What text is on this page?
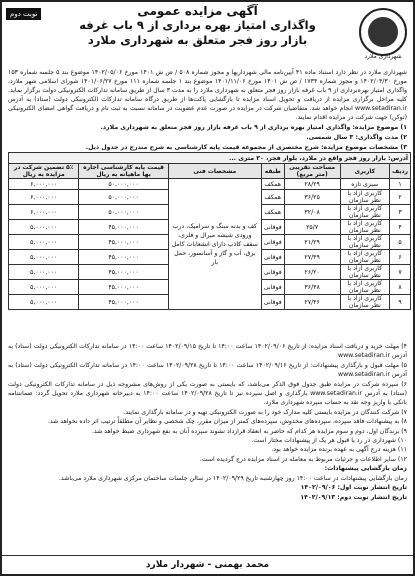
نوبت دوم	آگهی مزایده عمومی
واگذاری امتیاز بهره برداری از ۹ باب غرفه
بازار روز فجر متعلق به شهرداری ملارد
شهرداری ملارد

شهرداری ملارد در نظر دارد استناد ماده ۴۱ آیین‌نامه مالی شهرداریها و مجوز شماره ۵۰۸ / ص ش ۱۴۰۱ مورخ ۱۴۰۲/۰۵/۰۶ موضوع بند ۵ جلسه شماره ۱۵۳ مورخ ۱۴۰۲/۰۴/۳۰ و مجوز شماره ۱۷۳۴ / ص ش ۱۴۰۱ مورخ ۱۴۰۱/۱۱/۰۶ موضوع بند ۱ جلسه شماره ۱۱۱ مورخ ۱۴۰۱/۰۶/۲۷ شورای اسلامی شهر ملارد، واگذاری امتیاز بهره‌برداری از ۹ باب غرفه بازار روز فجر متعلق به شهرداری ملارد را به مدت ۳ سال از طریق سامانه تدارکات الکترونیکی دولت برگزار نماید. کلیه مراحل برگزاری مزایده از دریافت و تحویل اسناد مزایده تا بازگشایی پاکت‌ها از طریق درگاه سامانه تدارکات الکترونیکی دولت (ستاد) به آدرس www.setadiran.ir انجام خواهد شد. متقاضیان شرکت در مزایده در صورت عدم عضویت در سامانه نسبت به ثبت نام و دریافت گواهی امضای الکترونیکی (توکن) جهت شرکت در مزایده اقدام نمایند.

۱) موضوع مزایده: واگذاری امتیاز بهره برداری از ۹ باب غرفه بازار روز فجر متعلق به شهرداری ملارد.

۲) مدت واگذاری: ۳ سال شمسی.

۳) مشخصات موضوع مزایده: شرح مختصری از مجموعه قیمت پایه کارشناسی به شرح مندرج در جدول ذیل.

آدرس: بازار روز فجر واقع در ملارد، بلوار فجر، ۲۰ متری ...						
ردیف	کاربری	مساحت تقریبی (متر مربع)	طبقه	مشخصات فنی	قیمت پایه کارشناسی اجاره بها ماهیانه به ریال	۵٪ تضمین شرکت در مزایده به ریال
۱	سبزی تازه	۲۸/۲۹	همکف	کف و بدنه سنگ و سرامیک، درب ورودی شیشه میرال و فلزی، سقف کاذب دارای انشعابات کامل برق، آب و گاز و آسانسور، حمل بار	۵۰,۰۰۰,۰۰۰	۶,۰۰۰,۰۰۰
۲	کاربری آزاد با نظر سازمان	۳۶/۲۵	همکف		۵۰,۰۰۰,۰۰۰	۶,۰۰۰,۰۰۰
۳	کاربری آزاد با نظر سازمان	۳۲/۰۸	همکف		۵۰,۰۰۰,۰۰۰	۶,۰۰۰,۰۰۰
۴	کاربری آزاد با نظر سازمان	۲۵/۷	فوقانی		۴۵,۰۰۰,۰۰۰	۵,۰۰۰,۰۰۰
۵	کاربری آزاد با نظر سازمان	۲۱/۲۹	فوقانی		۴۵,۰۰۰,۰۰۰	۵,۰۰۰,۰۰۰
۶	کاربری آزاد با نظر سازمان	۲۷/۴۹	فوقانی		۴۵,۰۰۰,۰۰۰	۵,۰۰۰,۰۰۰
۷	کاربری آزاد با نظر سازمان	۲۶/۲۰	فوقانی		۴۵,۰۰۰,۰۰۰	۵,۰۰۰,۰۰۰
۸	کاربری آزاد با نظر سازمان	۳۶/۴۸	فوقانی		۴۵,۰۰۰,۰۰۰	۵,۰۰۰,۰۰۰
۹	کاربری آزاد با نظر سازمان	۲۷/۴۶	فوقانی		۴۵,۰۰۰,۰۰۰	۵,۰۰۰,۰۰۰

۴) مهلت خرید و دریافت اسناد مزایده: از تاریخ ۱۴۰۲/۰۹/۰۶ ساعت ۱۴:۰۰ تا تاریخ ۱۴۰۲/۰۹/۱۵ ساعت ۱۴:۰۰ در سامانه تدارکات الکترونیکی دولت (ستاد) به آدرس www.setadiran.ir

۵) مهلت قبول و بارگذاری پیشنهادات: از تاریخ ۱۴۰۲/۰۹/۱۶ ساعت ۱۴:۰۰ تا تاریخ ۱۴۰۲/۰۹/۲۸ ساعت ۱۴:۰۰ در سامانه تدارکات الکترونیکی دولت (ستاد) به آدرس www.setadiran.ir

۶) سپرده شرکت در مزایده طبق جدول فوق الذکر می‌باشد، که بایستی به صورت یکی از روش‌های مشروحه ذیل در سامانه تدارکات الکترونیکی دولت (ستاد) به آدرس www.setadiran.ir بارگذاری و اصل سپرده نیز تا تاریخ ۱۴۰۲/۰۹/۲۸ ساعت ۱۴:۰۰ به دبیرخانه شهرداری ملارد تحویل گردد: ضمانتنامه بانکی یا واریز وجه نقد به حساب سپرده شهرداری ملارد.

۷) شرکت کنندگان در مزایده بایستی کلیه مدارک خود را به صورت الکترونیکی تهیه و در سامانه بارگذاری نمایند.

۸) به پیشنهادات فاقد سپرده، سپرده‌های مخدوش، سپرده‌های کمتر از میزان مقرر، چک شخصی و نظایر آن مطلقاً ترتیب اثر داده نخواهد شد.

۹) برندگان اول، دوم و سوم مزایده هر کدام که حاضر به انعقاد قرارداد نشوند سپرده آنان به نفع شهرداری ضبط خواهد شد.

۱۰) شهرداری در رد یا قبول هر یک از پیشنهادات مختار است.

۱۱) هزینه درج آگهی به عهده برنده مزایده خواهد بود.

۱۲) سایر اطلاعات و جزئیات مربوط به معامله در اسناد مزایده درج گردیده است.

زمان بازگشایی پیشنهادات:

زمان بازگشایی پیشنهادات در ساعت ۱۴:۰۰ روز چهارشنبه تاریخ ۱۴۰۲/۰۹/۲۹ در سالن جلسات ساختمان مرکزی شهرداری ملارد می‌باشد.

تاریخ انتشار نوبت اول: ۱۴۰۲/۰۹/۰۶

تاریخ انتشار نوبت دوم: ۱۴۰۲/۰۹/۱۳

محمد بهمنی - شهردار ملارد
